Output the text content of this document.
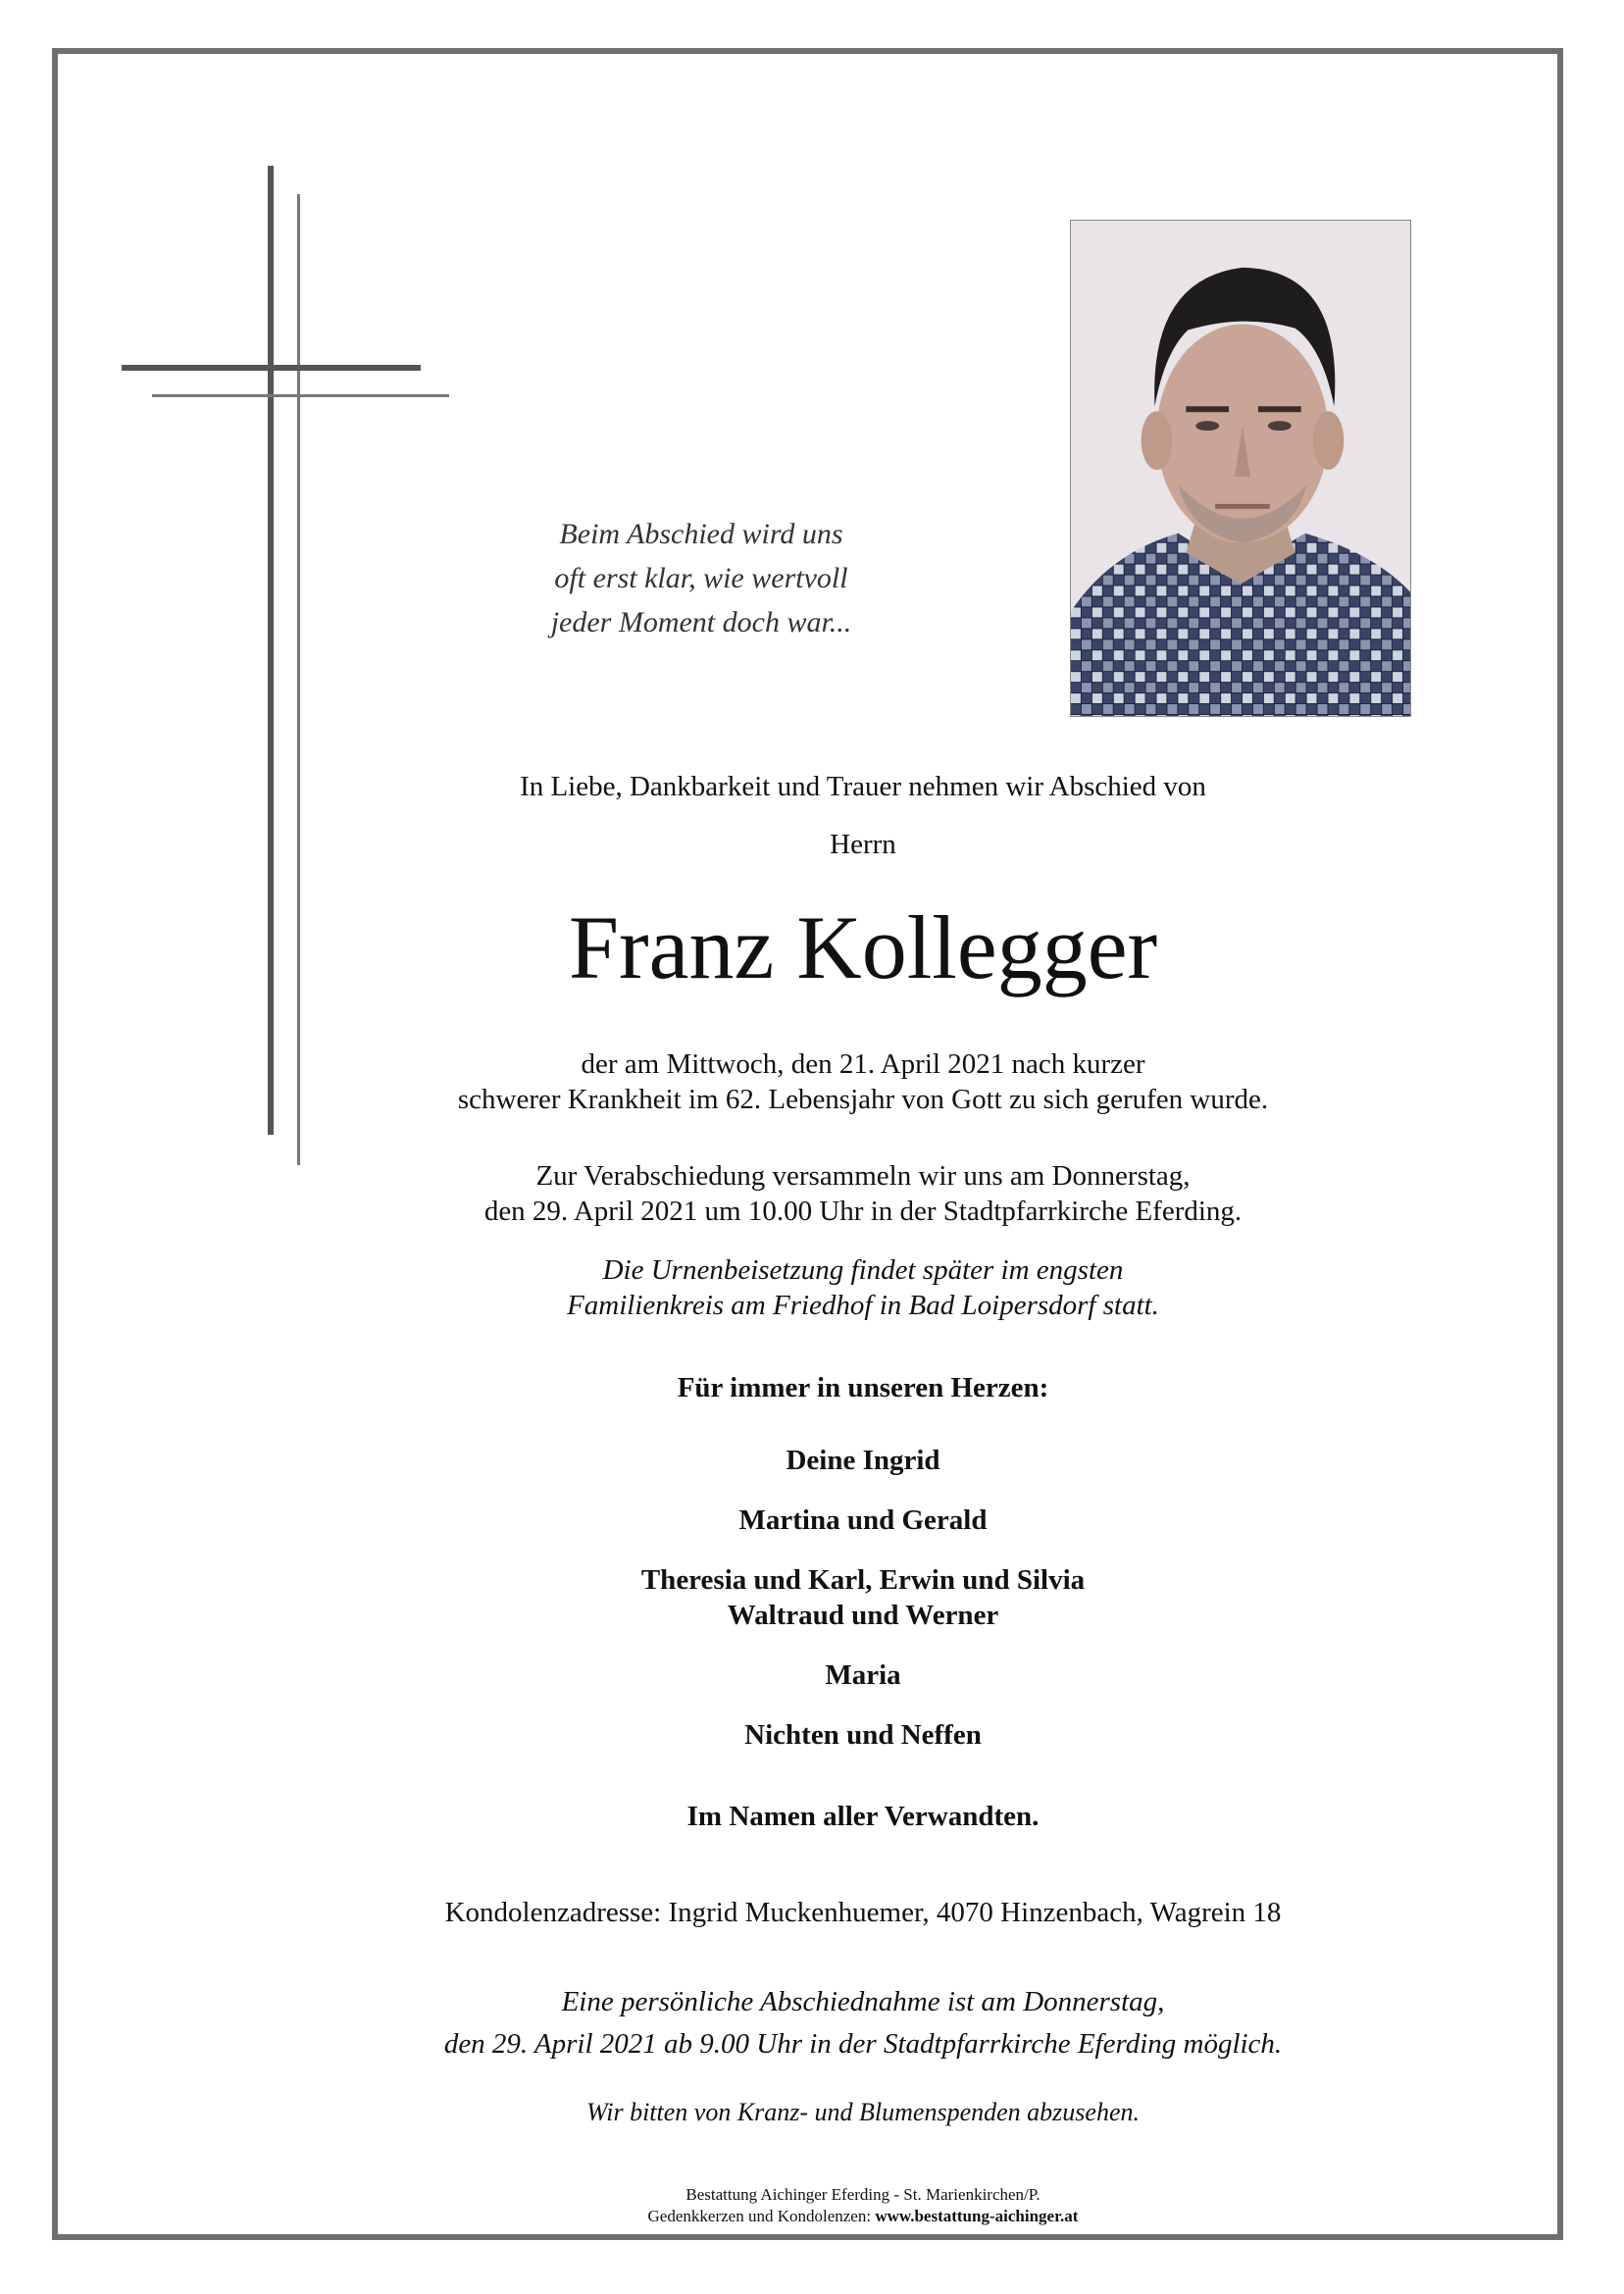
Beim Abschied wird uns
oft erst klar, wie wertvoll
jeder Moment doch war...
In Liebe, Dankbarkeit und Trauer nehmen wir Abschied von
Herrn
Franz Kollegger
der am Mittwoch, den 21. April 2021 nach kurzer
schwerer Krankheit im 62. Lebensjahr von Gott zu sich gerufen wurde.
Zur Verabschiedung versammeln wir uns am Donnerstag,
den 29. April 2021 um 10.00 Uhr in der Stadtpfarrkirche Eferding.
Die Urnenbeisetzung findet später im engsten
Familienkreis am Friedhof in Bad Loipersdorf statt.
Für immer in unseren Herzen:
Deine Ingrid
Martina und Gerald
Theresia und Karl, Erwin und Silvia
Waltraud und Werner
Maria
Nichten und Neffen
Im Namen aller Verwandten.
Kondolenzadresse: Ingrid Muckenhuemer, 4070 Hinzenbach, Wagrein 18
Eine persönliche Abschiednahme ist am Donnerstag,
den 29. April 2021 ab 9.00 Uhr in der Stadtpfarrkirche Eferding möglich.
Wir bitten von Kranz- und Blumenspenden abzusehen.
Bestattung Aichinger Eferding - St. Marienkirchen/P.
Gedenkkerzen und Kondolenzen: www.bestattung-aichinger.at
